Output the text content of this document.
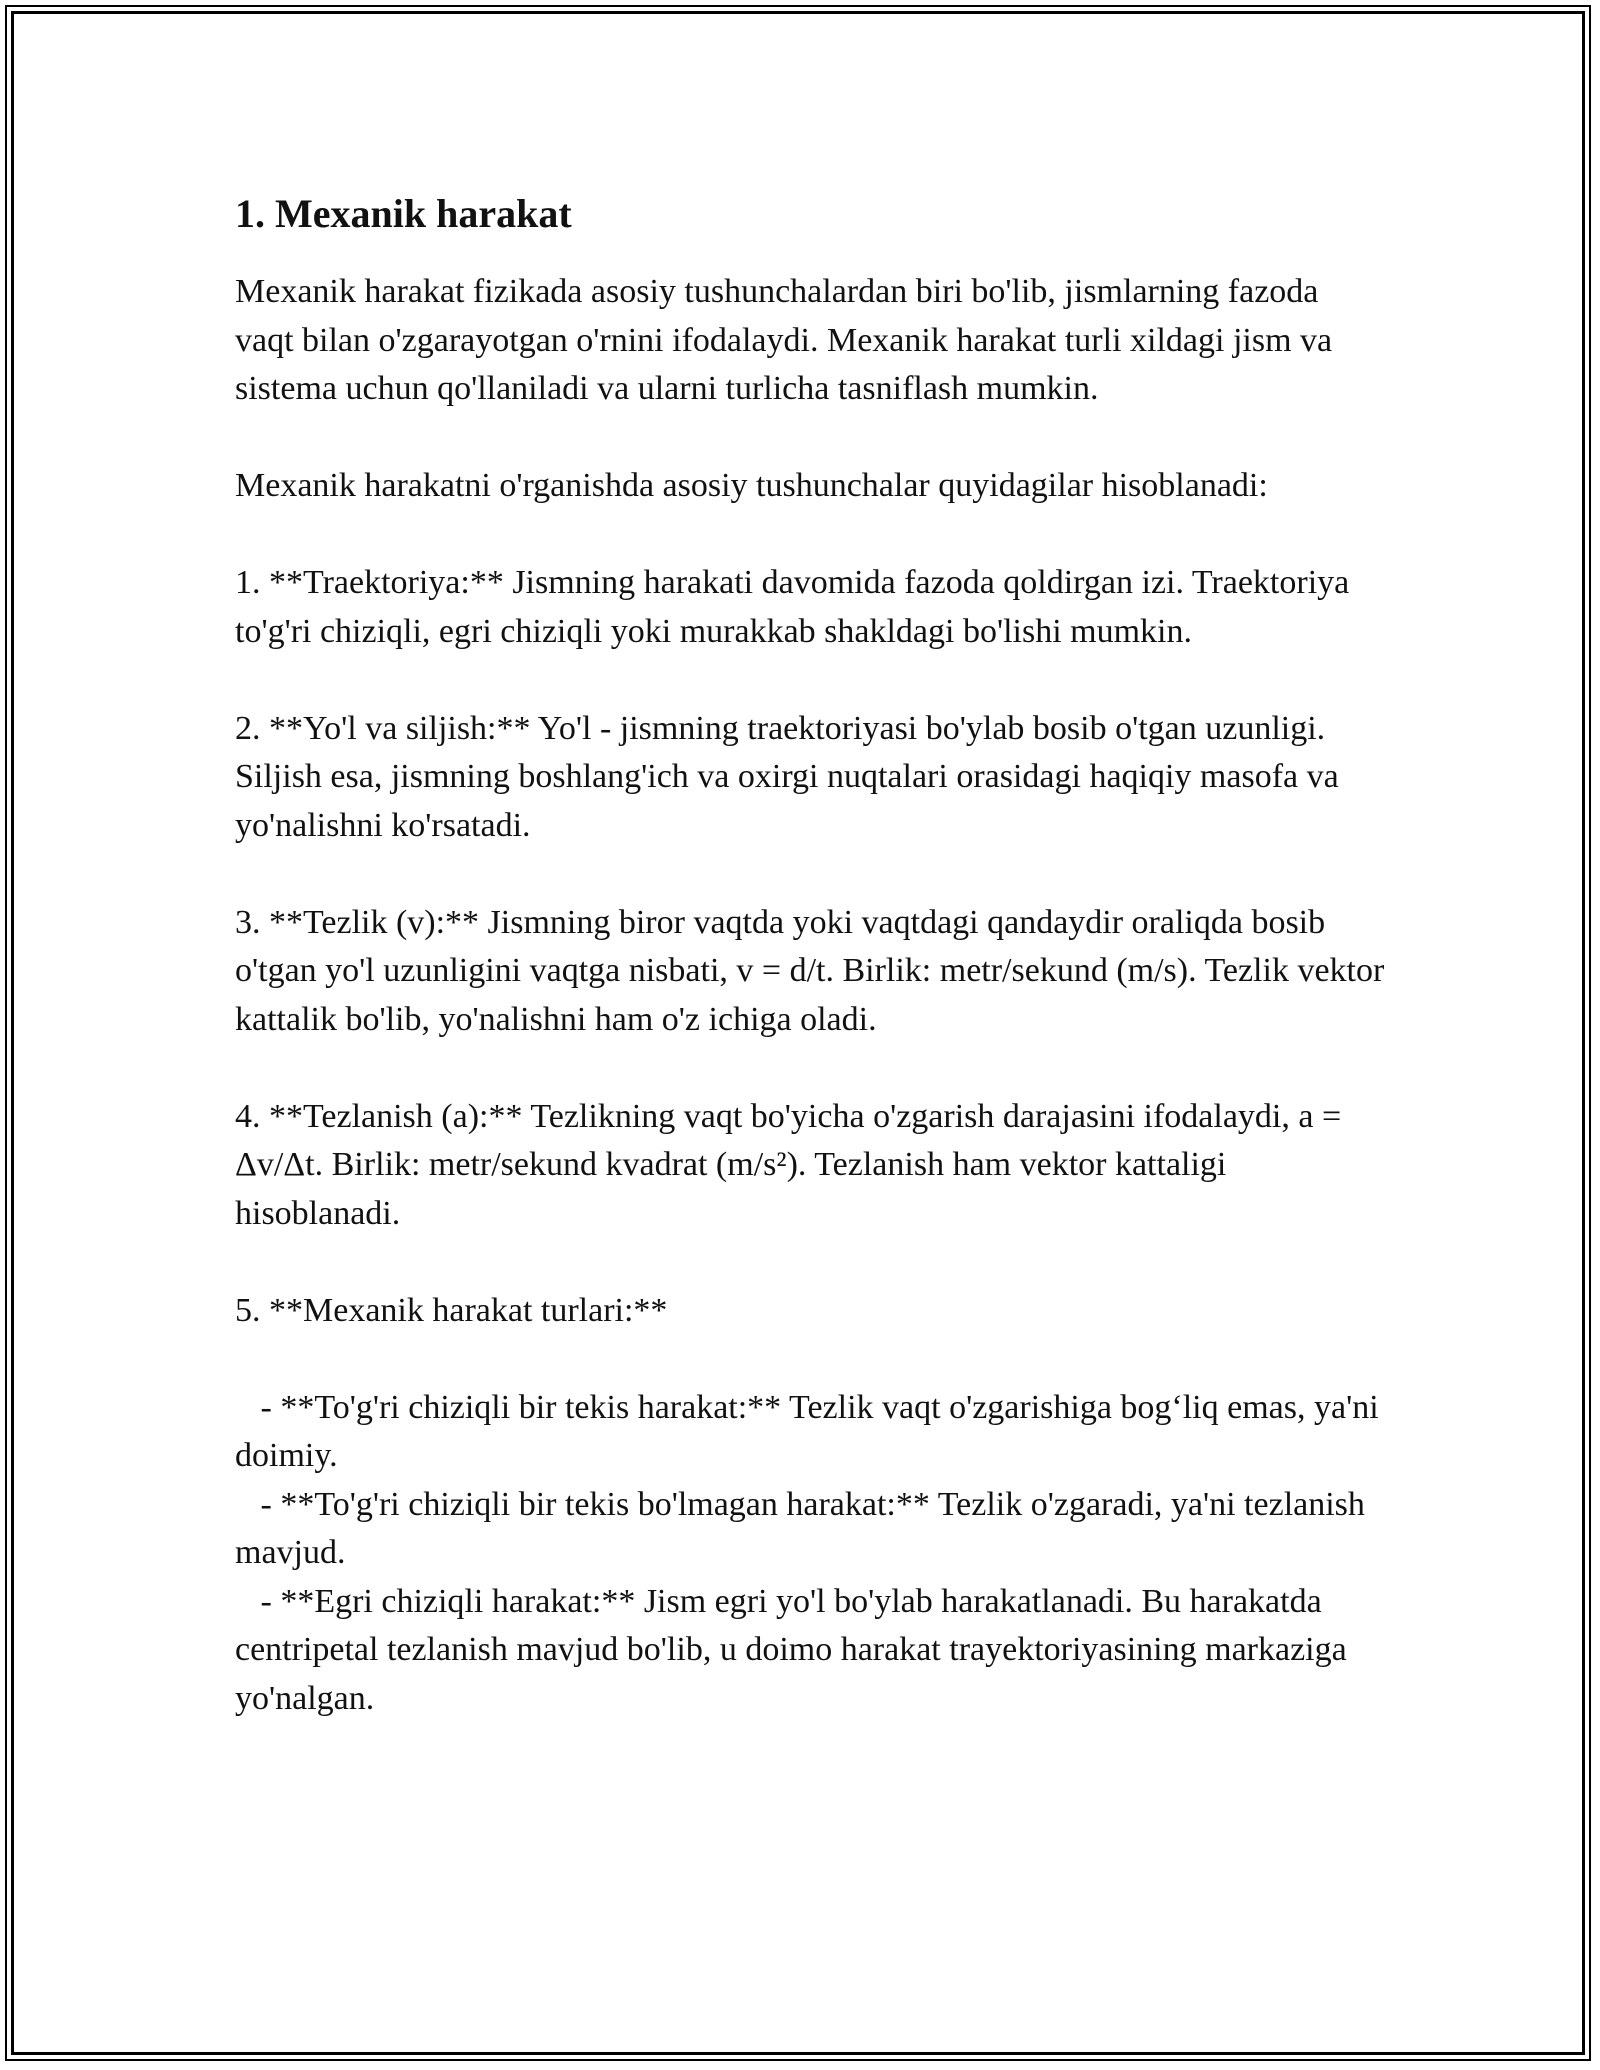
1. Mexanik harakat

Mexanik harakat fizikada asosiy tushunchalardan biri bo'lib, jismlarning fazoda vaqt bilan o'zgarayotgan o'rnini ifodalaydi. Mexanik harakat turli xildagi jism va sistema uchun qo'llaniladi va ularni turlicha tasniflash mumkin.

Mexanik harakatni o'rganishda asosiy tushunchalar quyidagilar hisoblanadi:

1. **Traektoriya:** Jismning harakati davomida fazoda qoldirgan izi. Traektoriya to'g'ri chiziqli, egri chiziqli yoki murakkab shakldagi bo'lishi mumkin.

2. **Yo'l va siljish:** Yo'l - jismning traektoriyasi bo'ylab bosib o'tgan uzunligi. Siljish esa, jismning boshlang'ich va oxirgi nuqtalari orasidagi haqiqiy masofa va yo'nalishni ko'rsatadi.

3. **Tezlik (v):** Jismning biror vaqtda yoki vaqtdagi qandaydir oraliqda bosib o'tgan yo'l uzunligini vaqtga nisbati, v = d/t. Birlik: metr/sekund (m/s). Tezlik vektor kattalik bo'lib, yo'nalishni ham o'z ichiga oladi.

4. **Tezlanish (a):** Tezlikning vaqt bo'yicha o'zgarish darajasini ifodalaydi, a = Δv/Δt. Birlik: metr/sekund kvadrat (m/s²). Tezlanish ham vektor kattaligi hisoblanadi.

5. **Mexanik harakat turlari:**

- **To'g'ri chiziqli bir tekis harakat:** Tezlik vaqt o'zgarishiga bog‘liq emas, ya'ni doimiy.

- **To'g'ri chiziqli bir tekis bo'lmagan harakat:** Tezlik o'zgaradi, ya'ni tezlanish mavjud.

- **Egri chiziqli harakat:** Jism egri yo'l bo'ylab harakatlanadi. Bu harakatda centripetal tezlanish mavjud bo'lib, u doimo harakat trayektoriyasining markaziga yo'nalgan.
